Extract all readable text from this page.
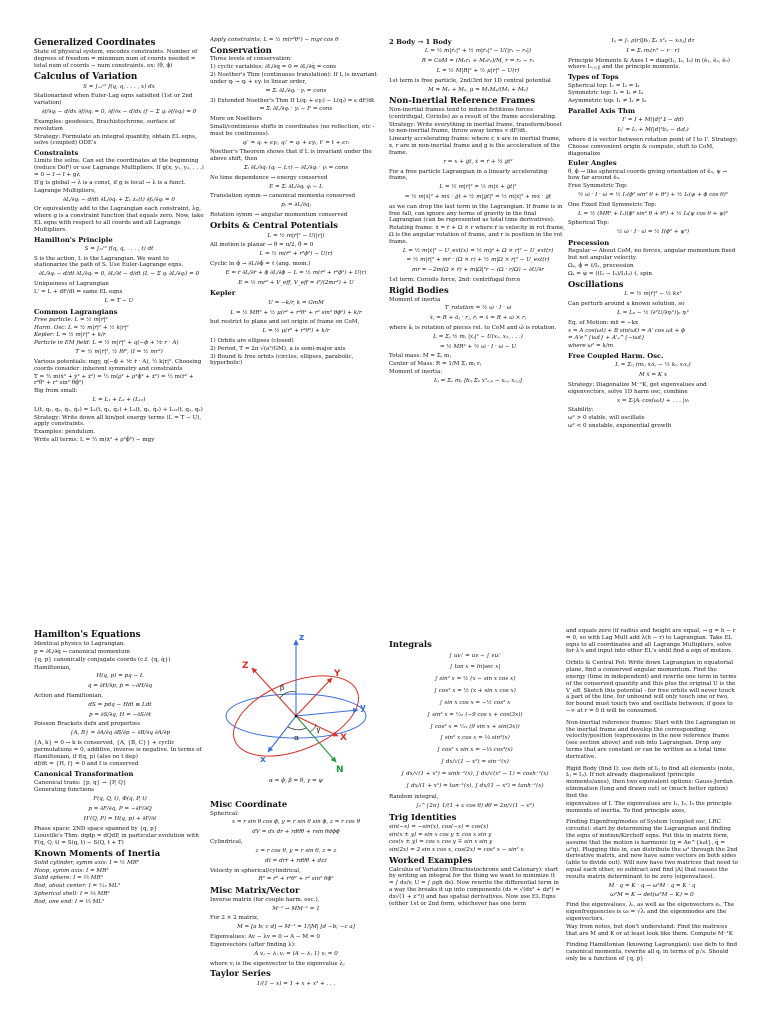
Generalized Coordinates

State of physical system, encodes constraints. Number of degrees of freedom = minimum num of coords needed = total num of coords − num constraints. ex: (θ, ϕ)

Calculus of Variation
S = ∫ₓ₁ˣ² f(q, q̇, . . . , x) dx

Stationarized when Euler-Lag eqns satisfied (1st or 2nd variation)

∂f/∂qᵢ − d/dx ∂f/∂q̇ᵢ = 0, ∂f/∂x − d/dx (f − Σ q̇ᵢ ∂f/∂q̇ᵢ) = 0

Examples: geodesics, Brachistochrone, surface of revolution

Strategy: Formulate an integral quantity, obtain EL eqns, solve (coupled) ODE's

Constraints

Limits the solns. Can set the coordinates at the beginning (reduce DoF) or use Lagrange Multipliers. If g(x, y₁, y₂, . . .) = 0 → f → f + gλ

If g is global → λ is a const, if g is local → λ is a funct.

Lagrange Multipliers,

∂L/∂qᵢ − d/dt ∂L/∂q̇ᵢ + Σₖ λₖ(t) ∂fₖ/∂qᵢ = 0

Or equivalently add to the Lagrangian each constraint, λg, where g is a constraint function that equals zero. Now, take EL eqns with respect to all coords and all Lagrange Multipliers.

Hamilton's Principle
S = ∫ₜ₁ᵗ² f(q, q̇, . . . , t) dt

S is the action, L is the Lagrangian. We want to stationarize the path of S. Use Euler-Lagrange eqns.

∂L/∂qᵢ − d/dt ∂L/∂q̇ᵢ = 0, ∂L/∂t − d/dt (L − Σ q̇ᵢ ∂L/∂q̇ᵢ) = 0

Uniqueness of Lagrangian

L' = L + dF/dt ⇔ same EL eqns

L = T − U
Common Lagrangians
Free particle: L = ½ m|ṙ|²
Harm. Osc: L = ½ m|ṙ|² + ½ k|r|²
Kepler: L = ½ m|ṙ|² + k/r
Particle in EM field: L = ½ m|ṙ|² + q(−ϕ + ⅟c ṙ · A)
T = ½ m|ṙ|², ½ Iθ̇², (I = ½ mr²)

Various potentials: mgy, q(−ϕ + ⅟c ṙ · A), ½ k|r|². Choosing coords consider: inherent symmetry and constraints

T = ½ m(ẋ² + ẏ² + ż²) = ½ m(ρ̇² + ρ²ϕ̇² + ż²) = ½ m(ṙ² + r²θ̇² + r² sin² θϕ̇²)

Big from small:

L = L₁ + L₂ + (L₁₂)

L(t, q₁, q₂, q̇₁, q̇₂) = L₁(t, q₁, q̇₁) + L₂(t, q₂, q̇₂) + L₁₂(t, q₁, q₂)

Strategy: Write down all kin/pot energy terms (L = T − U), apply constraints.

Examples: pendulum.

Write all terms: L = ½ m(ẋ² + ρ²ϕ̇²) − mgy

Apply constraints: L = ½ m(r²θ̇²) − mgℓ cos θ
Conservation

Three levels of conservation:

1) cyclic variables: ∂L/∂q = 0 ⇒ ∂L/∂q̇ = cons

2) Noether's Thm (continuous translation): If L is invariant under qᵢ → qᵢ + ϵγᵢ to linear order,

⇒ Σᵢ ∂L/∂q̇ᵢ · γᵢ = cons

3) Extended Noether's Thm If L(qᵢ + ϵγᵢ) − L(qᵢ) = ϵ dF/dt

⇒ Σᵢ ∂L/∂q̇ᵢ · γᵢ − F = cons

More on Noethers

Small/continuous shifts in coordinates (no reflection, etc - must be continuous).

qᵢ' = qᵢ + ϵγᵢ, qᵢ' = qᵢ + ϵγᵢ, t' = t + ϵτᵢ

Noether's Theorem shows that if L is invariant under the above shift, then

Σᵢ ∂L/∂q̇ᵢ (q̇ᵢ − Lτ) − ∂L/∂q̇ᵢ · γᵢ = cons

No time dependence → energy conserved

E = Σᵢ ∂L/∂q̇ᵢ q̇ᵢ − L

Translation symm → canonical momenta conserved

pⱼ = ∂L/∂q̇ⱼ

Rotation symm → angular momentum conserved

Orbits & Central Potentials
L = ½ m|ṙ|² − U(|r|)

All motion is planar → θ = π/2, θ̇ = 0

L = ½ m(ṙ² + r²ϕ̇²) − U(r)

Cyclic in ϕ → ∂L/∂ϕ̇ = ℓ (ang. mom.)

E = ṙ ∂L/∂ṙ + ϕ̇ ∂L/∂ϕ̇ − L = ½ m(ṙ² + r²ϕ̇²) + U(r)
E = ½ mṙ² + V_eff, V_eff = ℓ²/(2mr²) + U
Kepler
U = −k/r, k = GmM
L = ½ MR̈² + ½ μ(ṙ² + r²θ̇² + r² sin² θϕ̇²) + k/r

but restrict to plane and set origin of frame on CoM,

L = ½ μ(ṙ² + r²θ̇²) + k/r

1) Orbits are ellipses (closed)

2) Period, T = 2π √(a³/GM), a is semi-major axis

3) Bound & free orbits (circles, ellipses, parabolic, hyperbolic)

2 Body → 1 Body
L = ½ m|ṙ₁|² + ½ m|ṙ₂|² − U(|r₁ − r₂|)
R = CoM = (M₁r₁ + M₂r₂)/M, r = r₂ − r₁
L = ½ M|Ṙ|² + ½ μ|ṙ|² − U(r)

1st term is free particle, 2nd/3rd for 1D central potential

M = M₁ + M₂, μ = M₁M₂/(M₁ + M₂)
Non-Inertial Reference Frames

Non-inertial frames tend to induce fictitious forces (centrifugal, Coriolis) as a result of the frame accelerating.

Strategy: Write everything in inertial frame, transform/boost to non-inertial frame, throw away terms ∝ dF/dt.

Linearly accelerating frame: where r, x are in inertial frame, x, r are in non-inertial frame and g is the acceleration of the frame.

r = x + g̃t, ẋ = ṙ + ½ g̃t²

For a free particle Lagrangian in a linearly accelerating frame,

L = ½ m|ṙ|² = ½ m|ẋ + g̃t|²
= ½ m|ẋ|² + mẋ · g̃t + ½ m|g̃t|² = ½ m|ẋ|² + mẋ · g̃t

as we can drop the last term in the Lagrangian. If frame is in free fall, can ignore any terms of gravity in the final Lagrangian (can be represented as total time derivatives).

Rotating frame: ẋ = ṙ + Ω × r where ṙ is velocity in rot frame, Ω is the angular rotation of frame, and r is position in the rot frame.

L = ½ m|ẋ|² − U_ext(x) = ½ m|ṙ + Ω × r|² − U_ext(r)
= ½ m|ṙ|² + mṙ · (Ω × r) + ½ m|Ω × r|² − U_ext(r)
mr̈ = −2m(Ω × ṙ) + m|Ω|²r − (Ω · r)Ω) − ∂U/∂r

1st term: Coriolis force, 2nd: centrifugal force

Rigid Bodies

Moment of inertia

T_rotation = ½ ω̃ · I · ω̃
ẋⱼ = Ṙ + ãⱼ · rⱼ, ṙⱼ = ẋ = Ṙ + ω̃ × rⱼ

where ãⱼ is rotation of pieces rel. to CoM and ω̃ is rotation.

L = Σⱼ ½ mⱼ |ẋⱼ|² − U(x₁, x₂, . . .)
= ½ MṘ² + ½ ω̃ · I · ω̃ − U

Total mass: M = Σⱼ mⱼ

Center of Mass: R = 1/M Σⱼ mⱼ rⱼ

Moment of inertia:

Iᵢⱼ = Σₐ mₐ [δᵢⱼ Σₖ x²ₐ,ₖ − xₐ,ᵢ xₐ,ⱼ]
Iᵢⱼ = ∫ᵥ ρ(r)[δᵢⱼ Σₖ x²ₖ − xᵢxⱼ] dτ
I = Σᵢ mᵢ(rᵢ² − r · r)

Principle Moments & Axes I = diag(I₁, I₂, I₃) in (ê₁, ê₂, ê₃) where Iₓ,ᵧ,𝓏 and the principle moments.

Types of Tops

Spherical top: I₁ = I₂ = I₃

Symmetric top: I₁ = I₂ ≠ I₃

Asymmetric top: I₁ ≠ I₂ ≠ I₃

Parallel Axis Thm
I' = I + M(|d|²𝟙 − dd)
Iᵢⱼ' = Iᵢⱼ + M(|d|²δᵢⱼ − dᵢdⱼ)

where d is vector between rotation point of I to I'. Strategy: Choose convenient origin & compute, shift to CoM, diagonalize

Euler Angles

θ, ϕ → like spherical coords giving orientation of ê₃, ψ → how far around ê₃.

Free Symmetric Top:

½ ω̃ · I · ω̃ = ½ I₁(ϕ̇² sin² θ + θ̇²) + ½ I₃(ψ̇ + ϕ̇ cos θ)²

One Fixed End Symmetric Top:

L = ½ (MR² + I₁)(ϕ̇² sin² θ + θ̇²) + ½ I₃(ψ̇ cos θ + ψ̇)²

Spherical Top:

½ ω̃ · I · ω̃ = ½ I(ϕ̇² + ψ̇²)
Precession

Regular → About CoM, no forces, angular momentum fixed but not angular velocity.

Ωₚ, ϕ̇ = ℓ/I₁, precession

Ωₛ = ψ̇ = ((I₁ − I₃)/I₁I₃) ℓ, spin

Oscillations
L = ½ m|ṙ|² − ½ kx²

Can perturb around a known solution, so

L = L₀ − ½ (∂²U/∂ηᵢ²)|₀ ηᵢ²

Eq. of Motion: mẍ = −kx

x = A cos(ωt) + B sin(ωt) = A' cos ωt + ϕ
= A'e^{iωt} + A'ₑ^{−iωt}
where ω² = k/m
Free Coupled Harm. Osc.
L = Σᵢⱼ (mᵢⱼ ẋᵢẋⱼ − ½ kᵢⱼ xᵢxⱼ)
M ẍ = K x

Strategy: Diagonalize M⁻¹K, get eigenvalues and eigenvectors, solve 1D harm osc, combine

x = Σᵢ|Aᵢ cos(ωᵢt) + . . . |vᵢ

Stability:

ω² > 0 stable, will oscillate

ω² < 0 unstable, exponential growth

Hamilton's Equations

Identical physics to Lagrangian.

p = ∂L/∂q̇ ← canonical momentum

{q, p} canonically conjugate coords (c.f. {q, q̇})

Hamiltonian,

H(q, p) = pq̇ − L
q̇ = ∂H/∂p, ṗ = −∂H/∂q

Action and Hamiltonian,

dS = pdq − Hdt ≡ Ldt
p = ∂S/∂q, H = −∂S/∂t

Poisson Brackets defn and properties

{A, B} = ∂A/∂q ∂B/∂p − ∂B/∂q ∂A/∂p

{A, k} = 0 → k is conserved, {A, {B, C}} + cyclic permutations = 0, additive, inverse is negative. In terms of Hamiltonian, if f(q, p) (also no t dep)

df/dt = {H, f} = 0 and f is conserved

Canonical Transformation

Canonical trans: {p, q} → {P, Q}

Generating functions

F(q, Q, t), Φ(q, P, t)
p = ∂F/∂q, P = −∂F/∂Q
H'(Q, P) = H(q, p) + ∂F/∂t

Phase space: 2ND space spanned by {q, p}

Liouville's Thm: dqdp = dQdP, in particular evolution with F(q, Q, t) = S(q, t) − S(Q, t + T)

Known Moments of Inertia
Solid cylinder, symm axis: I = ½ MR²
Hoop, symm axis: I = MR²
Solid sphere: I = ⅖ MR²
Rod, about center: I = ⅟₁₂ ML²
Spherical shell: I = ⅔ MR²
Rod, one end: I = ⅓ ML²
z
Z
Y
y
x
X
N
α
β
γ
α = ϕ, β = θ, γ = ψ
Misc Coordinate

Spherical:

x = r sin θ cos ϕ, y = r sin θ sin ϕ, z = r cos θ
dV = dx dr + rdθθ̂ + rsin θdϕϕ̂

Cylindrical,

z = r cos θ, y = r sin θ, z = z
dℓ = drr̂ + rdθθ̂ + dzẑ

Velocity in spherical/cylindrical,

Ṙ² = ṙ² + r²θ̇² + r² sin² θϕ̇²
Misc Matrix/Vector

Inverse matrix (for couple harm. osc.),

M⁻¹ → MM⁻¹ = 1

For 2 × 2 matrix,

M = [a b; c d] → M⁻¹ = 1/|M| [d −b; −c a]

Eigenvalues: Av − λv = 0 → A − M = 0

Eigenvectors (after finding λ):

A vⱼ − λⱼ vⱼ = (A − λⱼ 1) vⱼ = 0

where vⱼ is the eigenvector to the eigenvalue λⱼ

Taylor Series
1/(1 − x) = 1 + x + x² + . . .
Integrals
∫ uvᵢ' = uv − ∫ vuᵢ'
∫ tan x = ln|sec x|
∫ sin² x = ½ (x − sin x cos x)
∫ cos² x = ½ (x + sin x cos x)
∫ sin x cos x = −½ cos² x
∫ sin³ x = ⅟₁₂ (−9 cos x + cos(3x))
∫ cos³ x = ⅟₁₂ (9 sin x + sin(3x))
∫ sin² x cos x = ⅓ sin³(x)
∫ cos² x sin x = −⅓ cos³(x)
∫ dx/√(1 − x²) = sin⁻¹(x)
∫ dx/√(1 + x²) = sinh⁻¹(x), ∫ dx/√(x² − 1) = cosh⁻¹(x)
∫ dx/(1 + x²) = tan⁻¹(x), ∫ dx/(1 − x²) = tanh⁻¹(x)

Random integral,

∫₀^{2π} 1/(1 + ϵ cos θ) dθ = 2π/√(1 − ϵ²)
Trig Identities
sin(−x) = −sin(x), cos(−x) = cos(x)
sin(x ± y) = sin x cos y ± cos x sin y
cos(x ± y) = cos x cos y ∓ sin x sin y
sin(2x) = 2 sin x cos x, cos(2x) = cos² x − sin² x
Worked Examples

Calculus of Variation (Brachistochrone and Catenary): start by writing an integral for the thing we want to minimize (t = ∫ ds/v, U = ∫ ρgh ds). Now rewrite the differential term in a way the breaks it up into components (ds = √(dx² + dz²) = dx√(1 + z'²)) and has spatial derivatives. Now use EL Eqns (either 1st or 2nd form, whichever has one term

and equals zero (if radius and height are equal, → g = h − r ⇒ 0, so with Lag Mult add λ(h − r) to Lagrangian. Take EL eqns to all coordinates and all Lagrange Multipliers, solve for λ's and input into other EL's until find a eqn of motion.

Orbits & Central Pot: Write down Lagrangian in equatorial plane, find a conserved angular momentum. Find the energy (time in independent) and rewrite one term in terms of the conserved quantity and this plus the original U is the V_eff. Sketch this potential - for free orbits will never touch a part of the line, for unbound will only touch one or two, for bound must touch two and oscillate between; if goes to −∞ at r = 0 it will be consumed.

Non-inertial reference frames: Start with the Lagrangian in the inertial frame and develop the corresponding velocity/position (expressions in the new reference frame (see section above) and sub into Lagrangian. Drop any terms that are constant or can be written as a total time derivative.

Rigid Body (find I): use defn of Iᵢⱼ to find all elements (note, Iᵢⱼ = Iⱼᵢ). If not already diagonalized (principle moments/axes), then two equivalent options: Gauss-Jordan elimination (long and drawn out) or (much better option) find the

eigenvalues of I. The eigenvalues are I₁, I₂, I₃ the principle moments of inertia. To find principle axes,

Finding Eigenfreq/modes of System (coupled osc, LRC circuits): start by determining the Lagrangian and finding the eqns of motion/Kirchoff eqns. Put this in matrix form, assume that the motion is harmonic (q = Ae^{iωt}, q̈ = ω²q). Plugging this in, can distribute the ω² through the 2nd derivative matrix, and now have same vectors on both sides (able to divide out). Will now have two matrices that need to equal each other, so subtract and find |A| that causes the results matrix determinant to be zero (eigenvalues).

M · q̈ = K · q → ω²M · q = K · q
ω²M = K → det(ω²M − K) = 0

Find the eigenvalues, λᵢ, as well as the eigenvectors eᵢ. The eigenfrequencies is ωᵢ = √λᵢ and the eigenmodes are the eigenvectors.

Way from notes, but don't understand: Find the matrices that are M and K or at least look like them. Compute M⁻¹K

Finding Hamiltonian (knowing Lagrangian): use defn to find canonical momenta, rewrite all qⱼ in terms of pⱼ's. Should only be a function of {q, p}
